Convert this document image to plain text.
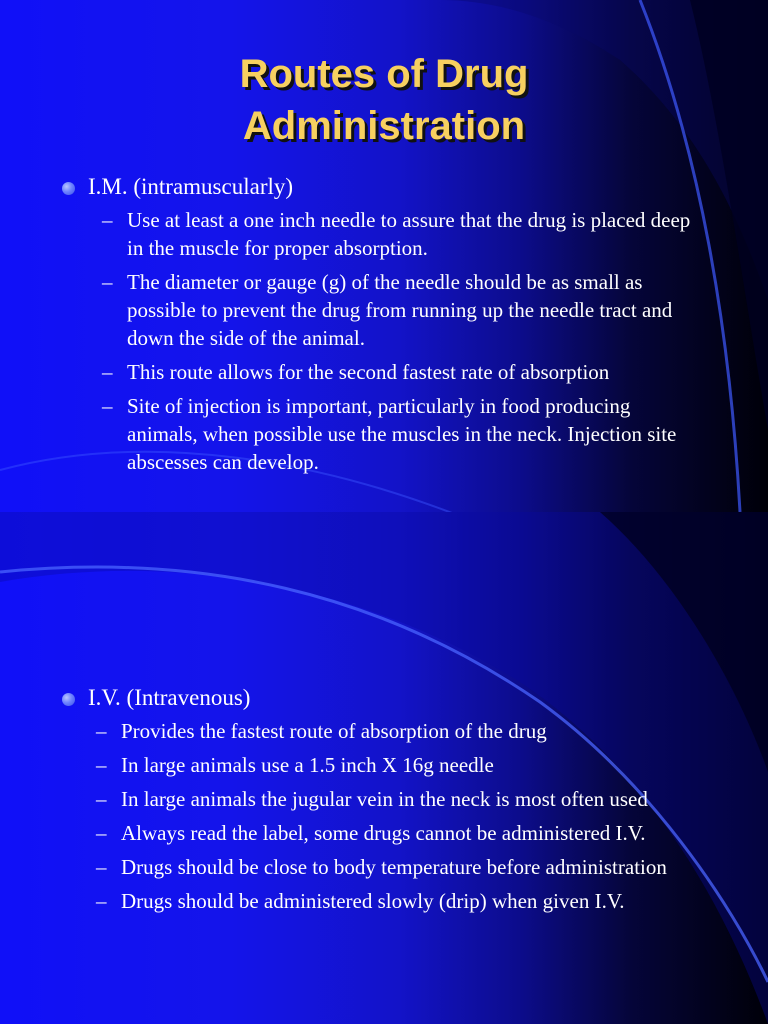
Routes of Drug
Administration
I.M. (intramuscularly)
– Use at least a one inch needle to assure that the drug is placed deep in the muscle for proper absorption.
– The diameter or gauge (g) of the needle should be as small as possible to prevent the drug from running up the needle tract and down the side of the animal.
– This route allows for the second fastest rate of absorption
– Site of injection is important, particularly in food producing animals, when possible use the muscles in the neck. Injection site abscesses can develop.
I.V. (Intravenous)
– Provides the fastest route of absorption of the drug
– In large animals use a 1.5 inch X 16g needle
– In large animals the jugular vein in the neck is most often used
– Always read the label, some drugs cannot be administered I.V.
– Drugs should be close to body temperature before administration
– Drugs should be administered slowly (drip) when given I.V.
